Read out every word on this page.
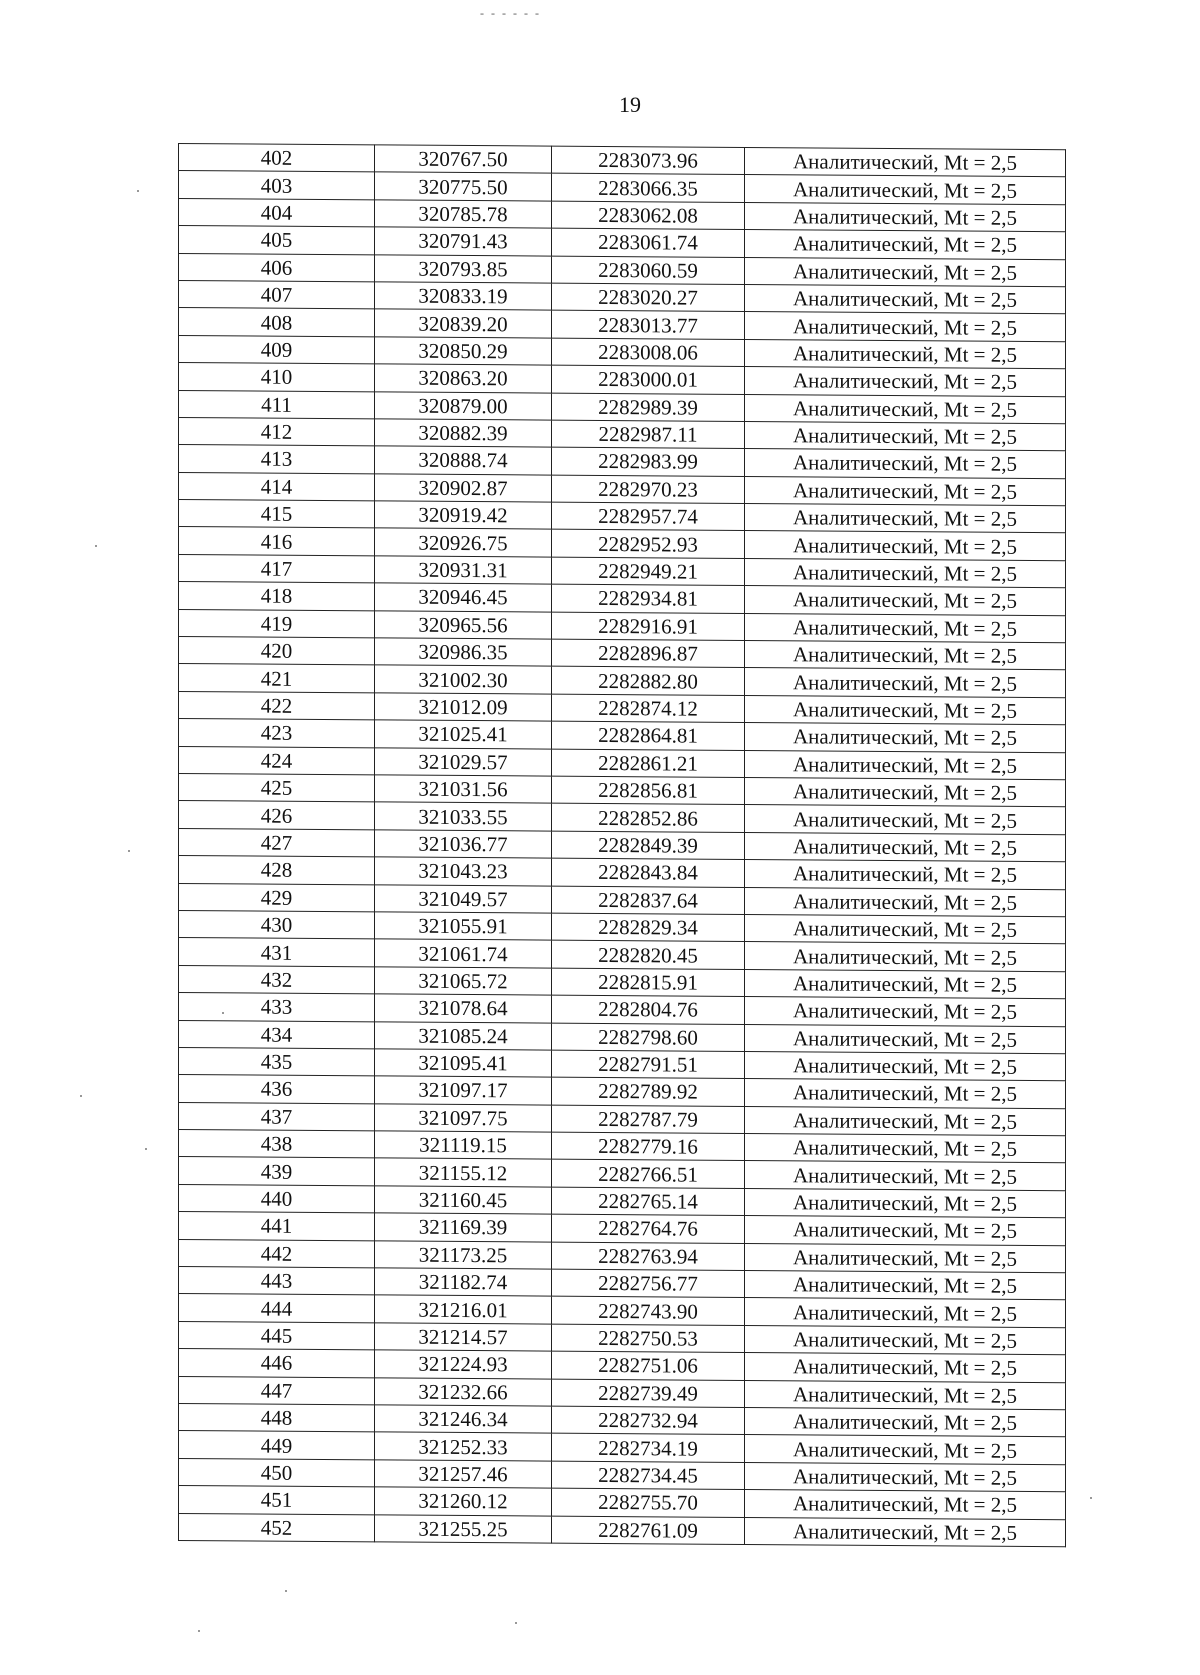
- - - - - -
19
402	320767.50	2283073.96	Аналитический, Mt = 2,5
403	320775.50	2283066.35	Аналитический, Mt = 2,5
404	320785.78	2283062.08	Аналитический, Mt = 2,5
405	320791.43	2283061.74	Аналитический, Mt = 2,5
406	320793.85	2283060.59	Аналитический, Mt = 2,5
407	320833.19	2283020.27	Аналитический, Mt = 2,5
408	320839.20	2283013.77	Аналитический, Mt = 2,5
409	320850.29	2283008.06	Аналитический, Mt = 2,5
410	320863.20	2283000.01	Аналитический, Mt = 2,5
411	320879.00	2282989.39	Аналитический, Mt = 2,5
412	320882.39	2282987.11	Аналитический, Mt = 2,5
413	320888.74	2282983.99	Аналитический, Mt = 2,5
414	320902.87	2282970.23	Аналитический, Mt = 2,5
415	320919.42	2282957.74	Аналитический, Mt = 2,5
416	320926.75	2282952.93	Аналитический, Mt = 2,5
417	320931.31	2282949.21	Аналитический, Mt = 2,5
418	320946.45	2282934.81	Аналитический, Mt = 2,5
419	320965.56	2282916.91	Аналитический, Mt = 2,5
420	320986.35	2282896.87	Аналитический, Mt = 2,5
421	321002.30	2282882.80	Аналитический, Mt = 2,5
422	321012.09	2282874.12	Аналитический, Mt = 2,5
423	321025.41	2282864.81	Аналитический, Mt = 2,5
424	321029.57	2282861.21	Аналитический, Mt = 2,5
425	321031.56	2282856.81	Аналитический, Mt = 2,5
426	321033.55	2282852.86	Аналитический, Mt = 2,5
427	321036.77	2282849.39	Аналитический, Mt = 2,5
428	321043.23	2282843.84	Аналитический, Mt = 2,5
429	321049.57	2282837.64	Аналитический, Mt = 2,5
430	321055.91	2282829.34	Аналитический, Mt = 2,5
431	321061.74	2282820.45	Аналитический, Mt = 2,5
432	321065.72	2282815.91	Аналитический, Mt = 2,5
433	321078.64	2282804.76	Аналитический, Mt = 2,5
434	321085.24	2282798.60	Аналитический, Mt = 2,5
435	321095.41	2282791.51	Аналитический, Mt = 2,5
436	321097.17	2282789.92	Аналитический, Mt = 2,5
437	321097.75	2282787.79	Аналитический, Mt = 2,5
438	321119.15	2282779.16	Аналитический, Mt = 2,5
439	321155.12	2282766.51	Аналитический, Mt = 2,5
440	321160.45	2282765.14	Аналитический, Mt = 2,5
441	321169.39	2282764.76	Аналитический, Mt = 2,5
442	321173.25	2282763.94	Аналитический, Mt = 2,5
443	321182.74	2282756.77	Аналитический, Mt = 2,5
444	321216.01	2282743.90	Аналитический, Mt = 2,5
445	321214.57	2282750.53	Аналитический, Mt = 2,5
446	321224.93	2282751.06	Аналитический, Mt = 2,5
447	321232.66	2282739.49	Аналитический, Mt = 2,5
448	321246.34	2282732.94	Аналитический, Mt = 2,5
449	321252.33	2282734.19	Аналитический, Mt = 2,5
450	321257.46	2282734.45	Аналитический, Mt = 2,5
451	321260.12	2282755.70	Аналитический, Mt = 2,5
452	321255.25	2282761.09	Аналитический, Mt = 2,5
